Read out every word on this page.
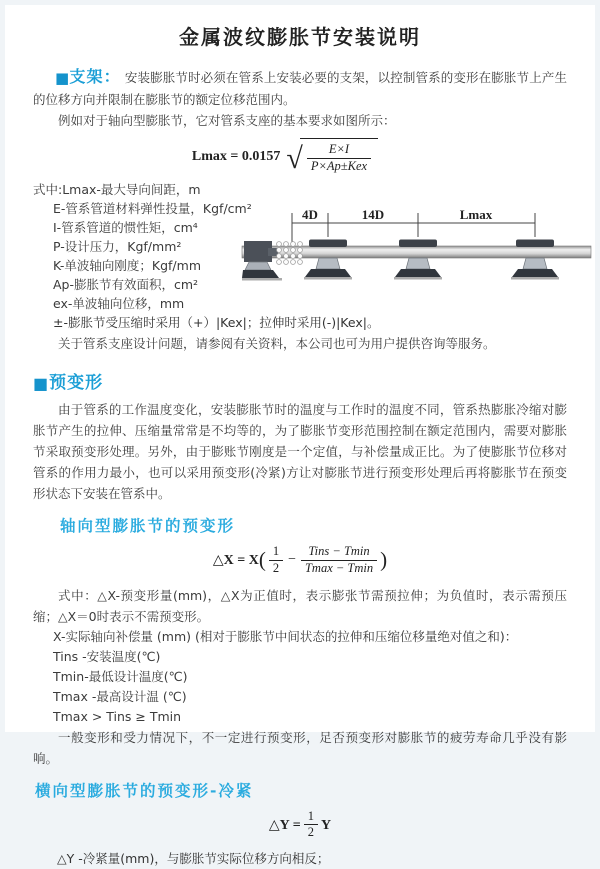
金属波纹膨胀节安装说明

■支架： 安装膨胀节时必须在管系上安装必要的支架，以控制管系的变形在膨胀节上产生的位移方向并限制在膨胀节的额定位移范围内。

例如对于轴向型膨胀节，它对管系支座的基本要求如图所示：

Lmax = 0.0157 √ $\frac{E\times I}{\text{P×Ap±Kex}}$
式中:Lmax-最大导向间距，m
E-管系管道材料弹性投量，Kgf/cm²
I-管系管道的惯性矩，cm⁴
P-设计压力，Kgf/mm²
K-单波轴向刚度；Kgf/mm
Ap-膨胀节有效面积，cm²
ex-单波轴向位移，mm
4D	14D	Lmax
±-膨胀节受压缩时采用（+）|Kex|；拉伸时采用(-)|Kex|。

关于管系支座设计问题，请参阅有关资料，本公司也可为用户提供咨询等服务。

■预变形

由于管系的工作温度变化，安装膨胀节时的温度与工作时的温度不同，管系热膨胀冷缩对膨胀节产生的拉伸、压缩量常常是不均等的，为了膨胀节变形范围控制在额定范围内，需要对膨胀节采取预变形处理。另外，由于膨账节刚度是一个定值，与补偿量成正比。为了使膨胀节位移对管系的作用力最小，也可以采用预变形(冷紧)方让对膨胀节进行预变形处理后再将膨胀节在预变形状态下安装在管系中。

轴向型膨胀节的预变形
△X = $X( \frac{1}{2} - \frac{\text{Tins − Tmin}}{Tmax - Tmin}$ )

式中：△X-预变形量(mm)，△X为正值时，表示膨张节需预拉伸；为负值时，表示需预压缩；△X＝0时表示不需预变形。

X-实际轴向补偿量 (mm) (相对于膨胀节中间状态的拉伸和压缩位移量绝对值之和)：
Tins -安装温度(℃)
Tmin-最低设计温度(℃)
Tmax -最高设计温 (℃)
Tmax > Tins ≥ Tmin

一般变形和受力情况下，不一定进行预变形，足否预变形对膨胀节的疲劳寿命几乎没有影响。

横向型膨胀节的预变形-冷紧
△Y = $\frac{1}{2}$ Y
△Y -冷紧量(mm)，与膨胀节实际位移方向相反；
